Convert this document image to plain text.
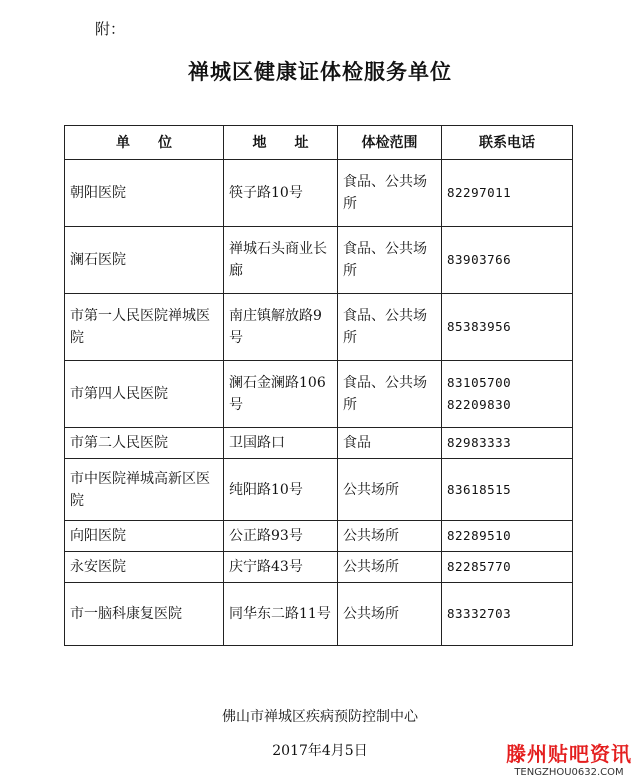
附：
禅城区健康证体检服务单位
单　　位	地　　址	体检范围	联系电话
朝阳医院	筷子路10号	食品、公共场所	82297011
澜石医院	禅城石头商业长廊	食品、公共场所	83903766
市第一人民医院禅城医院	南庄镇解放路9号	食品、公共场所	85383956
市第四人民医院	澜石金澜路106号	食品、公共场所	83105700 82209830
市第二人民医院	卫国路口	食品	82983333
市中医院禅城高新区医院	纯阳路10号	公共场所	83618515
向阳医院	公正路93号	公共场所	82289510
永安医院	庆宁路43号	公共场所	82285770
市一脑科康复医院	同华东二路11号	公共场所	83332703
佛山市禅城区疾病预防控制中心
2017年4月5日	滕州贴吧资讯
TENGZHOU0632.COM
